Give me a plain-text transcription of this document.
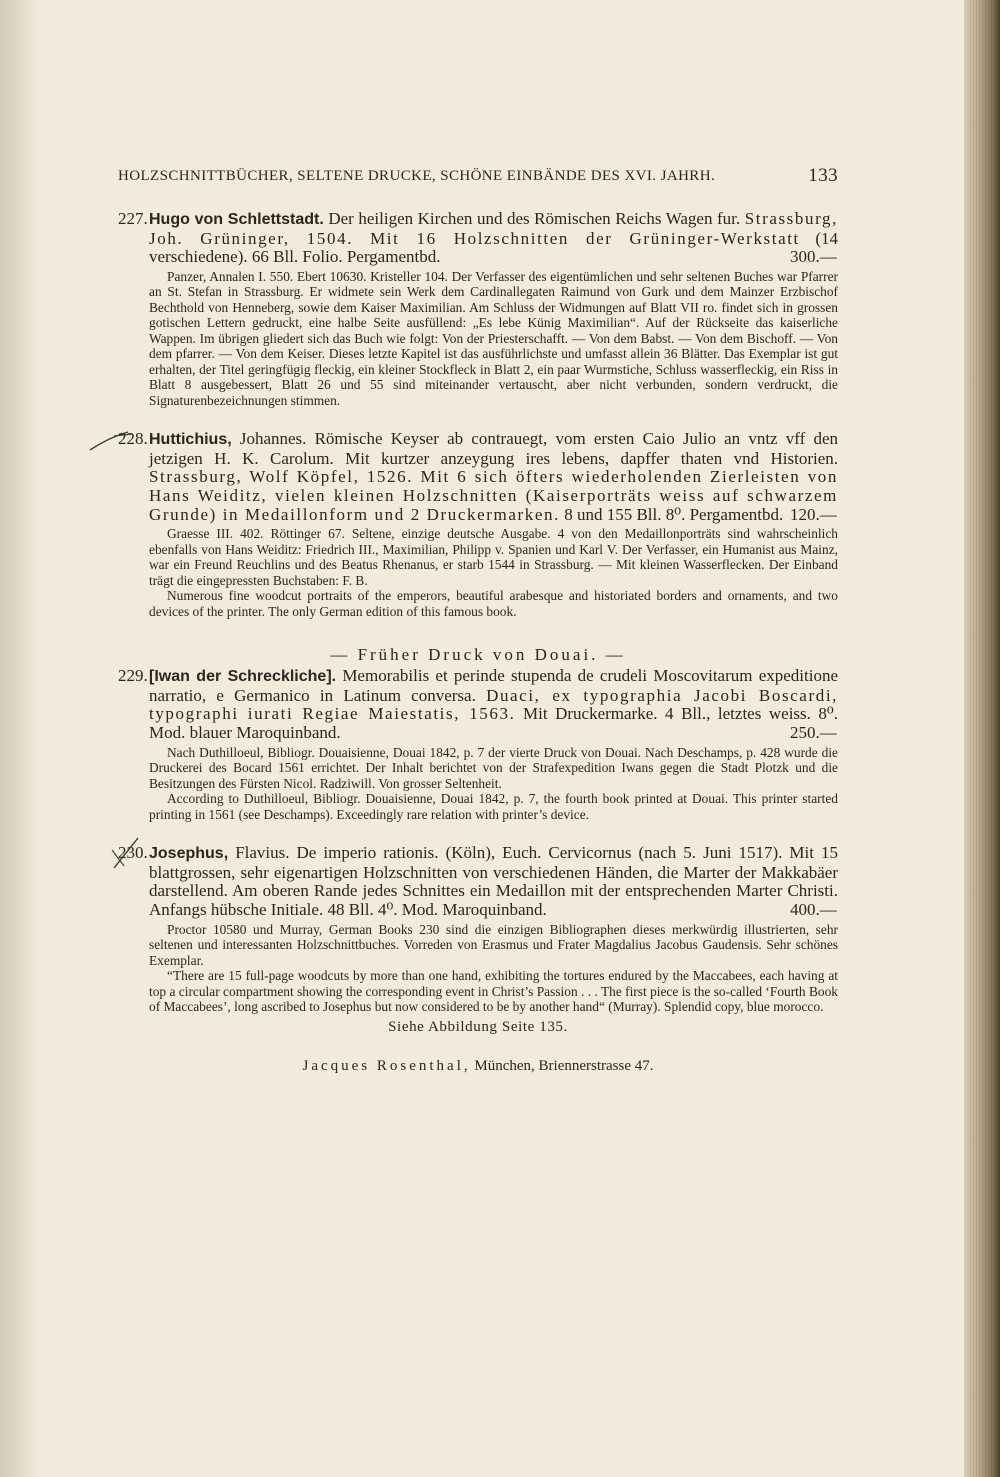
HOLZSCHNITTBÜCHER, SELTENE DRUCKE, SCHÖNE EINBÄNDE DES XVI. JAHRH.	133
227.Hugo von Schlettstadt. Der heiligen Kirchen und des Römischen Reichs Wagen fur. Strassburg, Joh. Grüninger, 1504. Mit 16 Holzschnitten der Grüninger-Werkstatt (14 verschiedene). 66 Bll. Folio. Pergamentbd.	300.—
Panzer, Annalen I. 550. Ebert 10630. Kristeller 104. Der Verfasser des eigentümlichen und sehr seltenen Buches war Pfarrer an St. Stefan in Strassburg. Er widmete sein Werk dem Cardinallegaten Raimund von Gurk und dem Mainzer Erzbischof Bechthold von Henneberg, sowie dem Kaiser Maximilian. Am Schluss der Widmungen auf Blatt VII ro. findet sich in grossen gotischen Lettern gedruckt, eine halbe Seite ausfüllend: „Es lebe Künig Maximilian“. Auf der Rückseite das kaiserliche Wappen. Im übrigen gliedert sich das Buch wie folgt: Von der Priesterschafft. — Von dem Babst. — Von dem Bischoff. — Von dem pfarrer. — Von dem Keiser. Dieses letzte Kapitel ist das ausführlichste und umfasst allein 36 Blätter. Das Exemplar ist gut erhalten, der Titel geringfügig fleckig, ein kleiner Stockfleck in Blatt 2, ein paar Wurmstiche, Schluss wasserfleckig, ein Riss in Blatt 8 ausgebessert, Blatt 26 und 55 sind miteinander vertauscht, aber nicht verbunden, sondern verdruckt, die Signaturenbezeichnungen stimmen.
228.Huttichius, Johannes. Römische Keyser ab contrauegt, vom ersten Caio Julio an vntz vff den jetzigen H. K. Carolum. Mit kurtzer anzeygung ires lebens, dapffer thaten vnd Historien. Strassburg, Wolf Köpfel, 1526. Mit 6 sich öfters wiederholenden Zierleisten von Hans Weiditz, vielen kleinen Holzschnitten (Kaiserporträts weiss auf schwarzem Grunde) in Medaillonform und 2 Druckermarken. 8 und 155 Bll. 8⁰. Pergamentbd. 120.—
Graesse III. 402. Röttinger 67. Seltene, einzige deutsche Ausgabe. 4 von den Medaillonporträts sind wahrscheinlich ebenfalls von Hans Weiditz: Friedrich III., Maximilian, Philipp v. Spanien und Karl V. Der Verfasser, ein Humanist aus Mainz, war ein Freund Reuchlins und des Beatus Rhenanus, er starb 1544 in Strassburg. — Mit kleinen Wasserflecken. Der Einband trägt die eingepressten Buchstaben: F. B.
Numerous fine woodcut portraits of the emperors, beautiful arabesque and historiated borders and ornaments, and two devices of the printer. The only German edition of this famous book.
— Früher Druck von Douai. —
229.[Iwan der Schreckliche]. Memorabilis et perinde stupenda de crudeli Moscovitarum expeditione narratio, e Germanico in Latinum conversa. Duaci, ex typographia Jacobi Boscardi, typographi iurati Regiae Maiestatis, 1563. Mit Druckermarke. 4 Bll., letztes weiss. 8⁰. Mod. blauer Maroquinband.	250.—
Nach Duthilloeul, Bibliogr. Douaisienne, Douai 1842, p. 7 der vierte Druck von Douai. Nach Deschamps, p. 428 wurde die Druckerei des Bocard 1561 errichtet. Der Inhalt berichtet von der Strafexpedition Iwans gegen die Stadt Plotzk und die Besitzungen des Fürsten Nicol. Radziwill. Von grosser Seltenheit.
According to Duthilloeul, Bibliogr. Douaisienne, Douai 1842, p. 7, the fourth book printed at Douai. This printer started printing in 1561 (see Deschamps). Exceedingly rare relation with printer’s device.
230.Josephus, Flavius. De imperio rationis. (Köln), Euch. Cervicornus (nach 5. Juni 1517). Mit 15 blattgrossen, sehr eigenartigen Holzschnitten von verschiedenen Händen, die Marter der Makkabäer darstellend. Am oberen Rande jedes Schnittes ein Medaillon mit der entsprechenden Marter Christi. Anfangs hübsche Initiale. 48 Bll. 4⁰. Mod. Maroquinband.	400.—
Proctor 10580 und Murray, German Books 230 sind die einzigen Bibliographen dieses merkwürdig illustrierten, sehr seltenen und interessanten Holzschnittbuches. Vorreden von Erasmus und Frater Magdalius Jacobus Gaudensis. Sehr schönes Exemplar.
“There are 15 full-page woodcuts by more than one hand, exhibiting the tortures endured by the Maccabees, each having at top a circular compartment showing the corresponding event in Christ’s Passion . . . The first piece is the so-called ‘Fourth Book of Maccabees’, long ascribed to Josephus but now considered to be by another hand“ (Murray). Splendid copy, blue morocco.
Siehe Abbildung Seite 135.
Jacques Rosenthal, München, Briennerstrasse 47.
